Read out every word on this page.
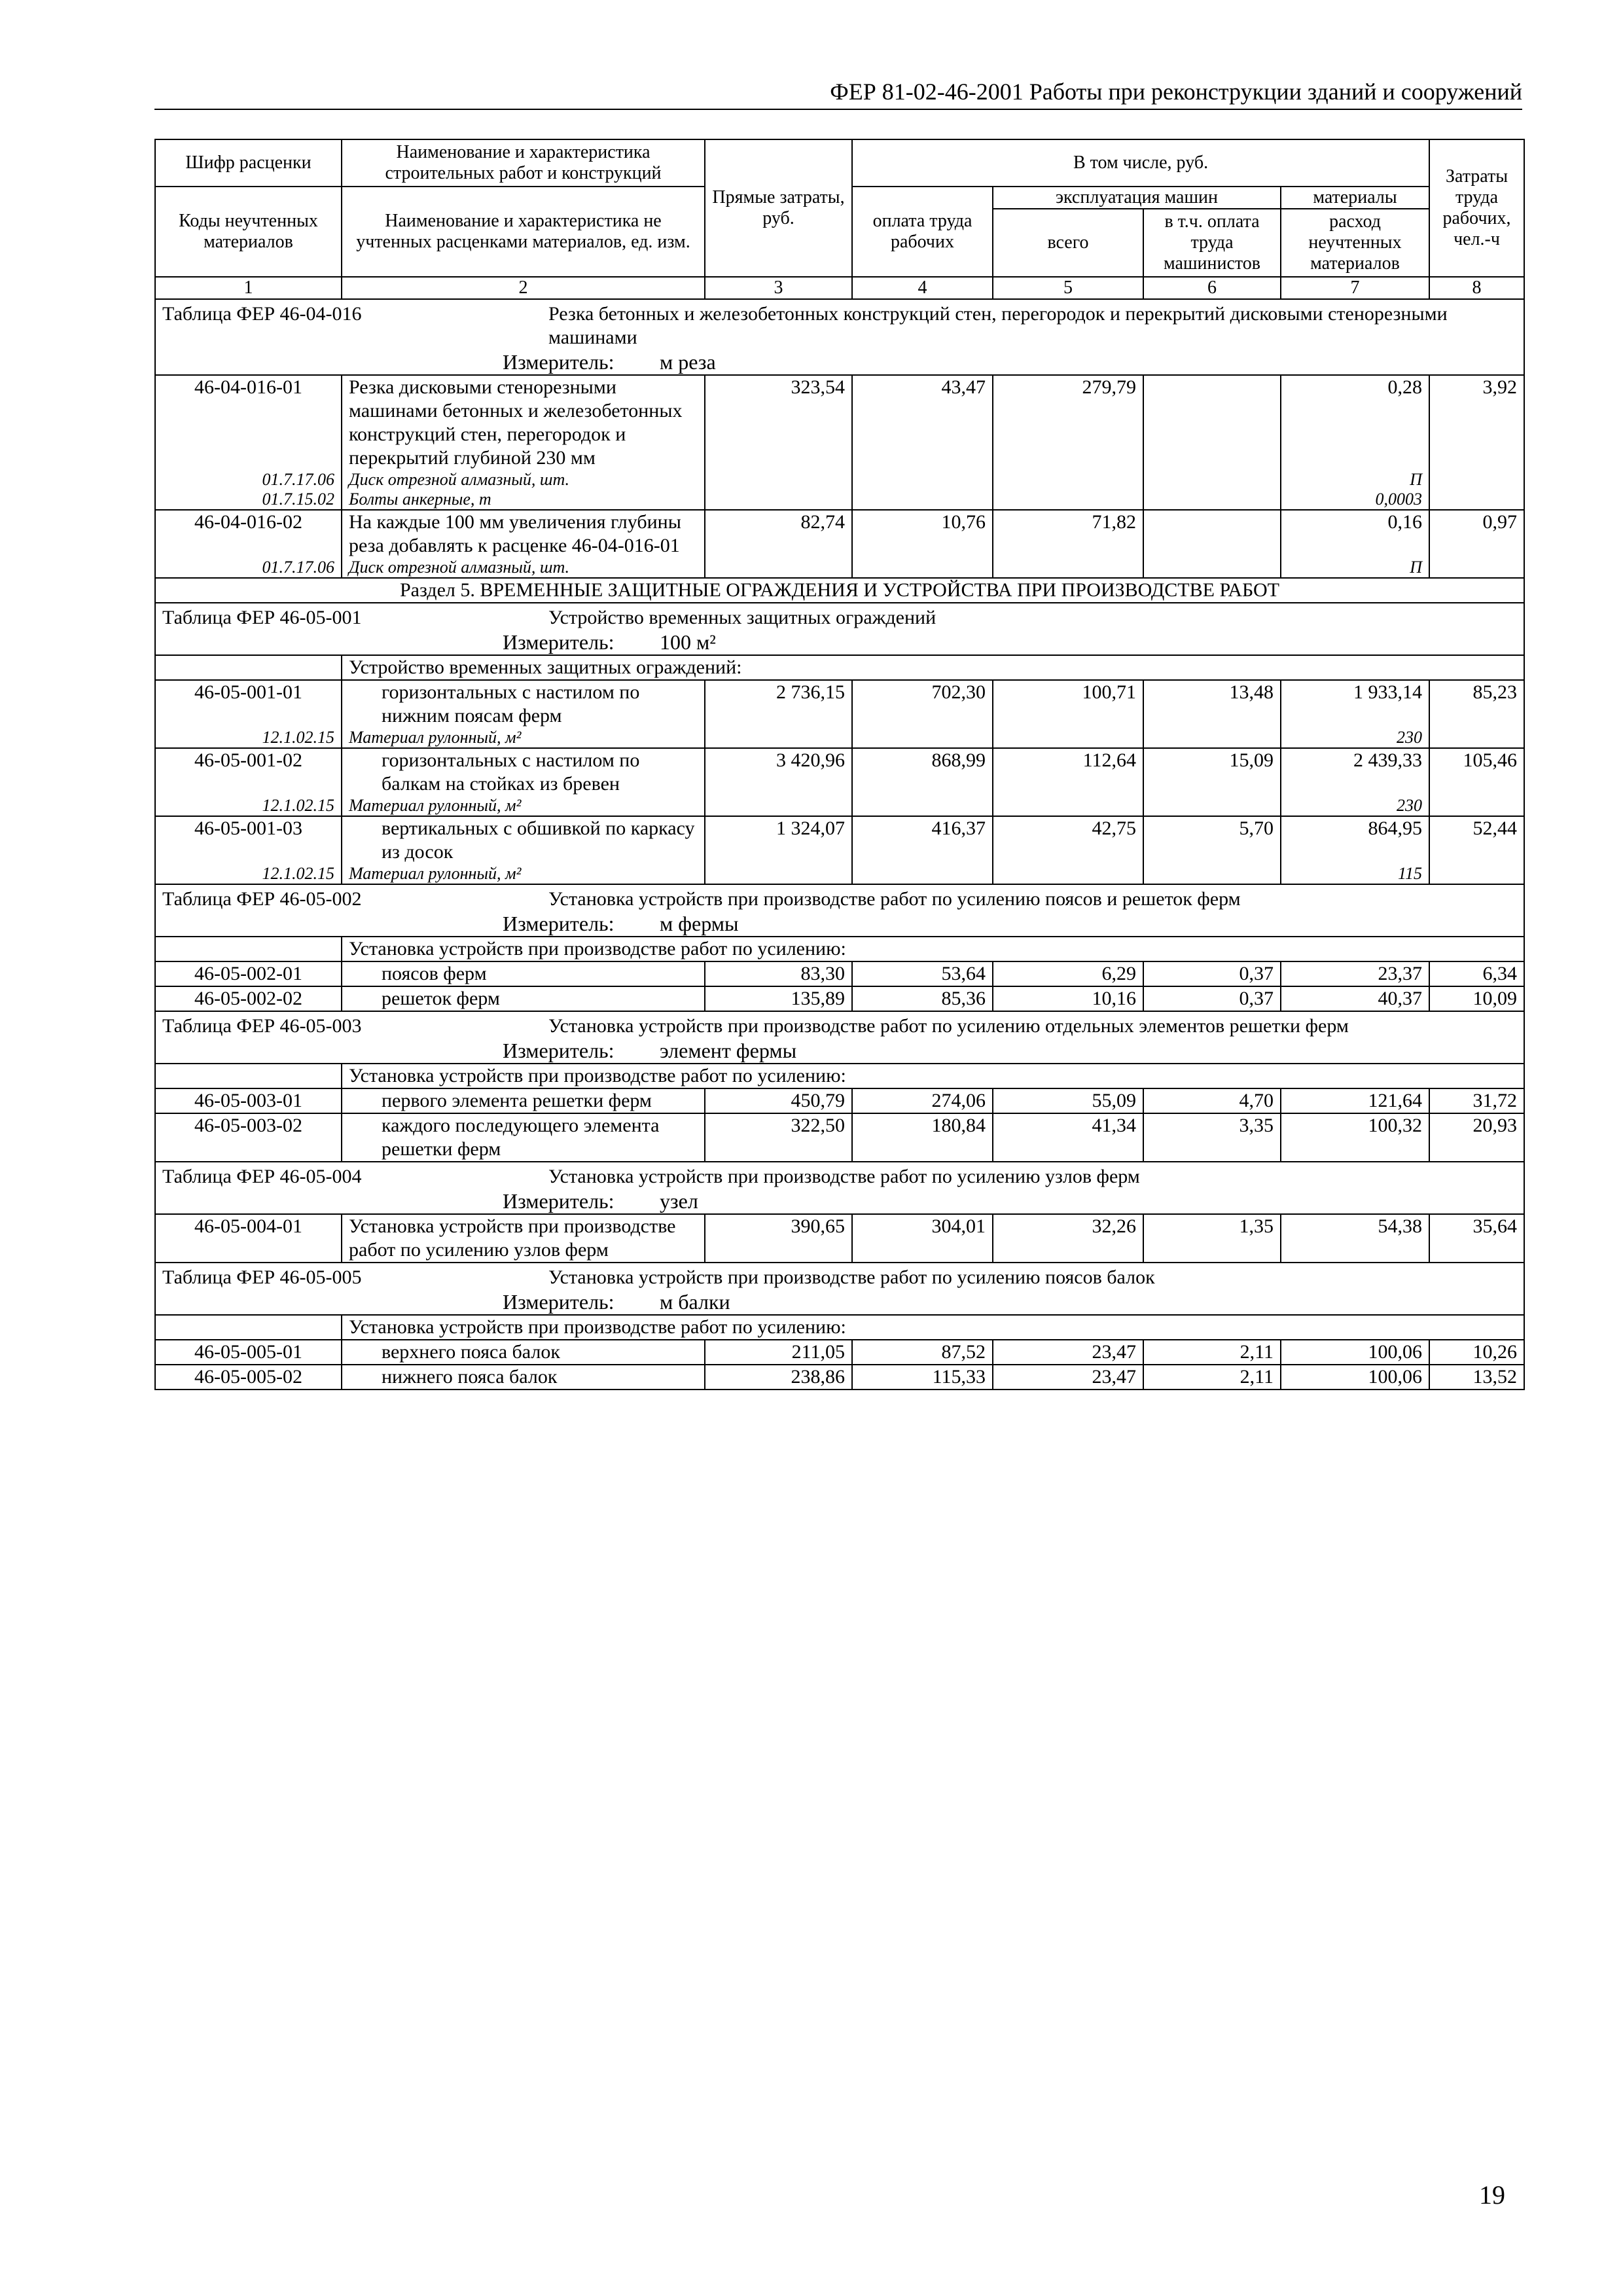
ФЕР 81-02-46-2001 Работы при реконструкции зданий и сооружений
Шифр расценки	Наименование и характеристика строительных работ и конструкций	Прямые затраты, руб.	В том числе, руб.				Затраты труда рабочих, чел.-ч
Коды неучтенных материалов	Наименование и характеристика не учтенных расценками материалов, ед. изм.		оплата труда рабочих	эксплуатация машин		материалы	
				всего	в т.ч. оплата труда машинистов	расход неучтенных материалов	
1	2	3	4	5	6	7	8
Таблица ФЕР 46-04-016 Резка бетонных и железобетонных конструкций стен, перегородок и перекрытий дисковыми стенорезными машинами
Измеритель: м реза							

46-04-016-01	Резка дисковыми стенорезными машинами бетонных и железобетонных конструкций стен, перегородок и перекрытий глубиной 230 мм	323,54	43,47	279,79		0,28	3,92
01.7.17.06	Диск отрезной алмазный, шт.					П	
01.7.15.02	Болты анкерные, т					0,0003	
46-04-016-02	На каждые 100 мм увеличения глубины реза добавлять к расценке 46-04-016-01	82,74	10,76	71,82		0,16	0,97
01.7.17.06	Диск отрезной алмазный, шт.					П	
Раздел 5. ВРЕМЕННЫЕ ЗАЩИТНЫЕ ОГРАЖДЕНИЯ И УСТРОЙСТВА ПРИ ПРОИЗВОДСТВЕ РАБОТ							
Таблица ФЕР 46-05-001 Устройство временных защитных ограждений
Измеритель: 100 м²							

	Устройство временных защитных ограждений:						
46-05-001-01	горизонтальных с настилом по нижним поясам ферм	2 736,15	702,30	100,71	13,48	1 933,14	85,23
12.1.02.15	Материал рулонный, м²					230	
46-05-001-02	горизонтальных с настилом по балкам на стойках из бревен	3 420,96	868,99	112,64	15,09	2 439,33	105,46
12.1.02.15	Материал рулонный, м²					230	
46-05-001-03	вертикальных с обшивкой по каркасу из досок	1 324,07	416,37	42,75	5,70	864,95	52,44
12.1.02.15	Материал рулонный, м²					115	
Таблица ФЕР 46-05-002 Установка устройств при производстве работ по усилению поясов и решеток ферм
Измеритель: м фермы							

	Установка устройств при производстве работ по усилению:						
46-05-002-01	поясов ферм	83,30	53,64	6,29	0,37	23,37	6,34
46-05-002-02	решеток ферм	135,89	85,36	10,16	0,37	40,37	10,09
Таблица ФЕР 46-05-003 Установка устройств при производстве работ по усилению отдельных элементов решетки ферм
Измеритель: элемент фермы							

	Установка устройств при производстве работ по усилению:						
46-05-003-01	первого элемента решетки ферм	450,79	274,06	55,09	4,70	121,64	31,72
46-05-003-02	каждого последующего элемента решетки ферм	322,50	180,84	41,34	3,35	100,32	20,93
Таблица ФЕР 46-05-004 Установка устройств при производстве работ по усилению узлов ферм
Измеритель: узел							

46-05-004-01	Установка устройств при производстве работ по усилению узлов ферм	390,65	304,01	32,26	1,35	54,38	35,64
Таблица ФЕР 46-05-005 Установка устройств при производстве работ по усилению поясов балок
Измеритель: м балки							

	Установка устройств при производстве работ по усилению:						
46-05-005-01	верхнего пояса балок	211,05	87,52	23,47	2,11	100,06	10,26
46-05-005-02	нижнего пояса балок	238,86	115,33	23,47	2,11	100,06	13,52
19
